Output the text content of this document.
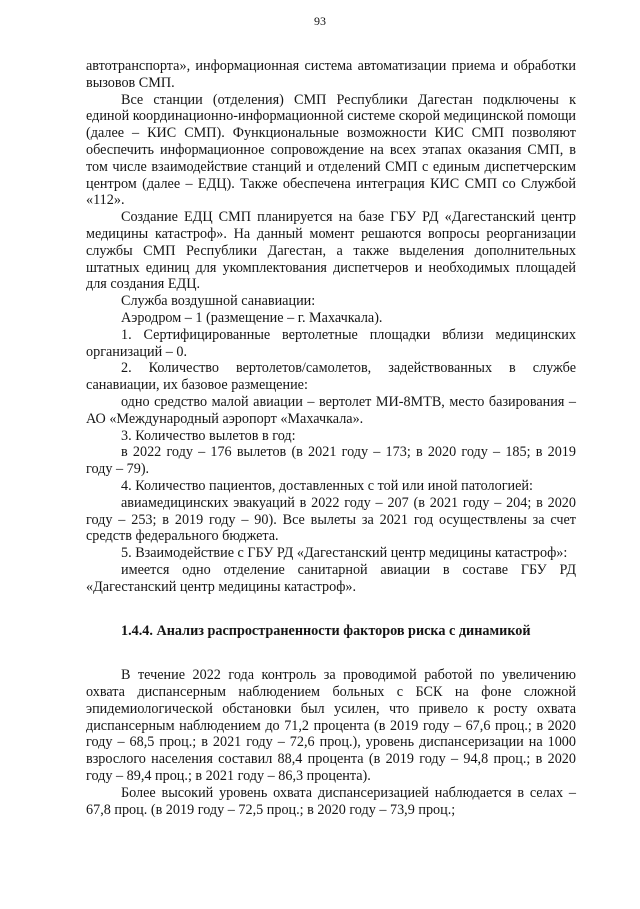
93

автотранспорта», информационная система автоматизации приема и обработки вызовов СМП.

Все станции (отделения) СМП Республики Дагестан подключены к единой координационно-информационной системе скорой медицинской помощи (далее – КИС СМП). Функциональные возможности КИС СМП позволяют обеспечить информационное сопровождение на всех этапах оказания СМП, в том числе взаимодействие станций и отделений СМП с единым диспетчерским центром (далее – ЕДЦ). Также обеспечена интеграция КИС СМП со Службой «112».

Создание ЕДЦ СМП планируется на базе ГБУ РД «Дагестанский центр медицины катастроф». На данный момент решаются вопросы реорганизации службы СМП Республики Дагестан, а также выделения дополнительных штатных единиц для укомплектования диспетчеров и необходимых площадей для создания ЕДЦ.

Служба воздушной санавиации:

Аэродром – 1 (размещение – г. Махачкала).

1. Сертифицированные вертолетные площадки вблизи медицинских организаций – 0.

2. Количество вертолетов/самолетов, задействованных в службе санавиации, их базовое размещение:

одно средство малой авиации – вертолет МИ-8МТВ, место базирования – АО «Международный аэропорт «Махачкала».

3. Количество вылетов в год:

в 2022 году – 176 вылетов (в 2021 году – 173; в 2020 году – 185; в 2019 году – 79).

4. Количество пациентов, доставленных с той или иной патологией:

авиамедицинских эвакуаций в 2022 году – 207 (в 2021 году – 204; в 2020 году – 253; в 2019 году – 90). Все вылеты за 2021 год осуществлены за счет средств федерального бюджета.

5. Взаимодействие с ГБУ РД «Дагестанский центр медицины катастроф»:

имеется одно отделение санитарной авиации в составе ГБУ РД «Дагестанский центр медицины катастроф».

1.4.4. Анализ распространенности факторов риска с динамикой

В течение 2022 года контроль за проводимой работой по увеличению охвата диспансерным наблюдением больных с БСК на фоне сложной эпидемиологической обстановки был усилен, что привело к росту охвата диспансерным наблюдением до 71,2 процента (в 2019 году – 67,6 проц.; в 2020 году – 68,5 проц.; в 2021 году – 72,6 проц.), уровень диспансеризации на 1000 взрослого населения составил 88,4 процента (в 2019 году – 94,8 проц.; в 2020 году – 89,4 проц.; в 2021 году – 86,3 процента).

Более высокий уровень охвата диспансеризацией наблюдается в селах – 67,8 проц. (в 2019 году – 72,5 проц.; в 2020 году – 73,9 проц.;
